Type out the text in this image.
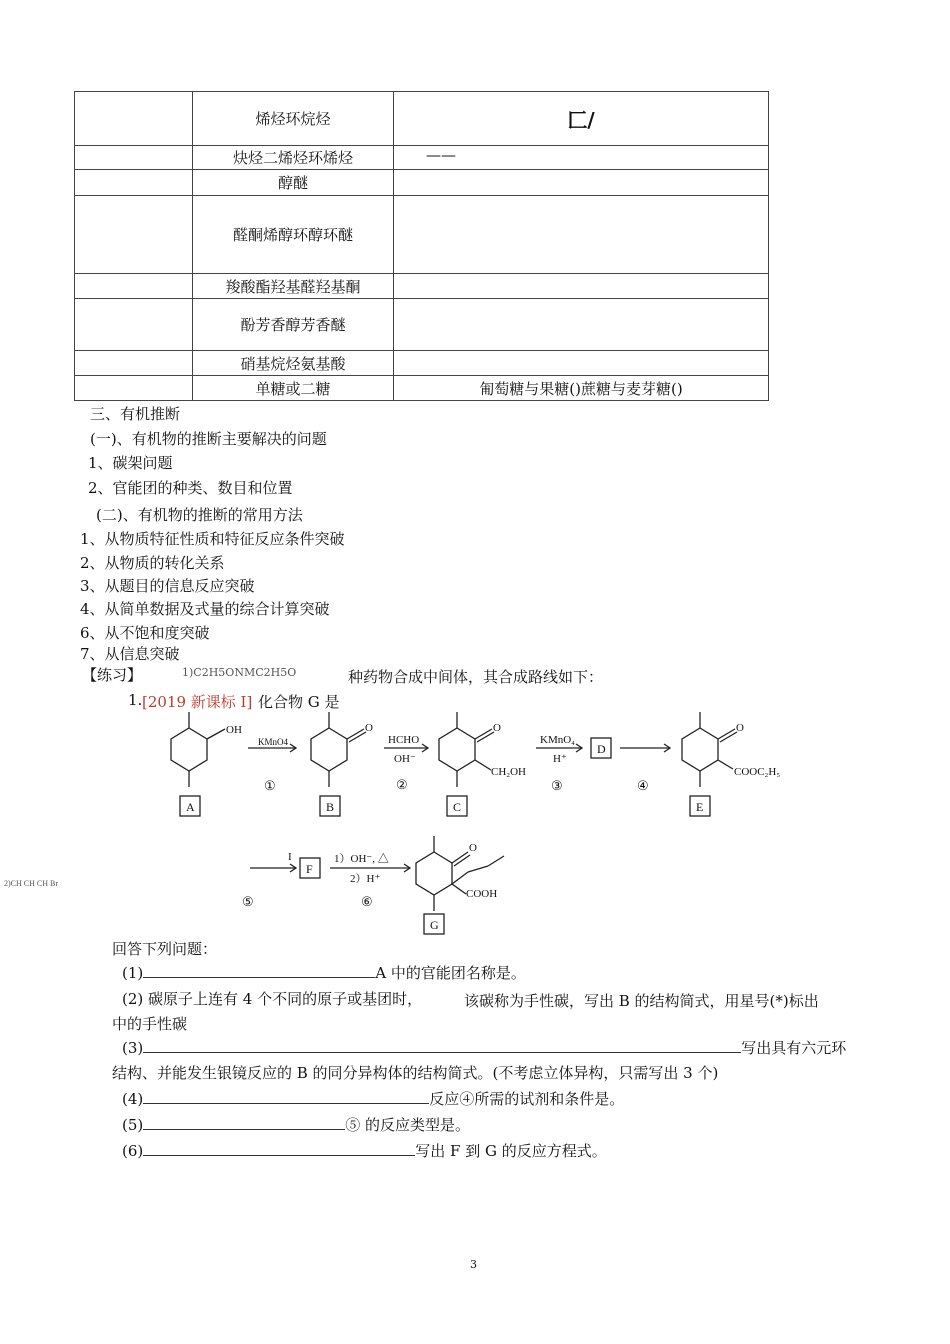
	烯烃环烷烃	匚/
	炔烃二烯烃环烯烃	——
	醇醚	
	醛酮烯醇环醇环醚	
	羧酸酯羟基醛羟基酮	
	酚芳香醇芳香醚	
	硝基烷烃氨基酸	
	单糖或二糖	匍萄糖与果糖()蔗糖与麦芽糖()
三、有机推断
(一)、有机物的推断主要解决的问题
1、碳架问题
2、官能团的种类、数目和位置
(二)、有机物的推断的常用方法
1、从物质特征性质和特征反应条件突破
2、从物质的转化关系
3、从题目的信息反应突破
4、从简单数据及式量的综合计算突破
6、从不饱和度突破
7、从信息突破
【练习】	1)C2H5ONMC2H5O	种药物合成中间体，其合成路线如下：
1. [2019 新课标 I] 化合物 G 是
OH	O	O
CH₂OH
O
COOC₂H₅
O
COOH
KMnO4
①
HCHO
OH⁻
②
KMnO₄
H⁺
③	④
I
⑤
1）OH⁻, △
2）H⁺
⑥
2)CH CH CH Br
A	B	C
D
E
F
G
回答下列问题：
(1)	A 中的官能团名称是。
(2) 碳原子上连有 4 个不同的原子或基团时，	该碳称为手性碳，写出 B 的结构简式，用星号(*)标出
中的手性碳
(3)	写出具有六元环
结构、并能发生银镜反应的 B 的同分异构体的结构简式。(不考虑立体异构，只需写出 3 个)
(4)	反应④所需的试剂和条件是。
(5)	⑤ 的反应类型是。
(6)	写出 F 到 G 的反应方程式。
3
